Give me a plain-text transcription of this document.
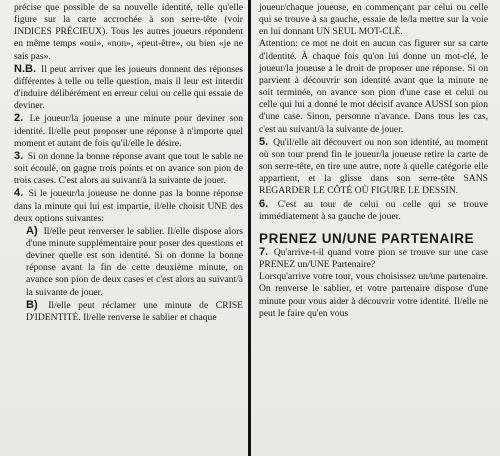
précise que possible de sa nouvelle identité, telle qu'elle figure sur la carte accrochée à son serre-tête (voir INDICES PRÉCIEUX). Tous les autres joueurs répondent en même temps «oui», «non», «peut-être», ou bien «je ne sais pas».

N.B. Il peut arriver que les joueurs donnent des réponses différentes à telle ou telle question, mais il leur est interdit d'induire délibérément en erreur celui ou celle qui essaie de deviner.

2. Le joueur/la joueuse a une minute pour deviner son identité. Il/elle peut proposer une réponse à n'importe quel moment et autant de fois qu'il/elle le désire.

3. Si on donne la bonne réponse avant que tout le sable ne soit écoulé, on gagne trois points et on avance son pion de trois cases. C'est alors au suivant/à la suivante de jouer.

4. Si le joueur/la joueuse ne donne pas la bonne réponse dans la minute qui lui est impartie, il/elle choisit UNE des deux options suivantes:

A) Il/elle peut renverser le sablier. Il/elle dispose alors d'une minute supplémentaire pour poser des questions et deviner quelle est son identité. Si on donne la bonne réponse avant la fin de cette deuxième minute, on avance son pion de deux cases et c'est alors au suivant/à la suivante de jouer.

B) Il/elle peut réclamer une minute de CRISE D'IDENTITÉ. Il/elle renverse le sablier et chaque

joueur/chaque joueuse, en commençant par celui ou celle qui se trouve à sa gauche, essaie de le/la mettre sur la voie en lui donnant UN SEUL MOT-CLÉ.

Attention: ce mot ne doit en aucun cas figurer sur sa carte d'identité. À chaque fois qu'on lui donne un mot-clé, le joueur/la joueuse a le droit de proposer une réponse. Si on parvient à découvrir son identité avant que la minute ne soit terminée, on avance son pion d'une case et celui ou celle qui lui a donné le mot décisif avance AUSSI son pion d'une case. Sinon, personne n'avance. Dans tous les cas, c'est au suivant/à la suivante de jouer.

5. Qu'il/elle ait découvert ou non son identité, au moment où son tour prend fin le joueur/la joueuse retire la carte de son serre-tête, en tire une autre, note à quelle catégorie elle appartient, et la glisse dans son serre-tête SANS REGARDER LE CÔTÉ OÙ FIGURE LE DESSIN.

6. C'est au tour de celui ou celle qui se trouve immédiatement à sa gauche de jouer.

PRENEZ UN/UNE PARTENAIRE

7. Qu'arrive-t-il quand votre pion se trouve sur une case PRENEZ un/UNE Partenaire?

Lorsqu'arrive votre tour, vous choisissez un/une partenaire. On renverse le sablier, et votre partenaire dispose d'une minute pour vous aider à découvrir votre identité. Il/elle ne peut le faire qu'en vous
